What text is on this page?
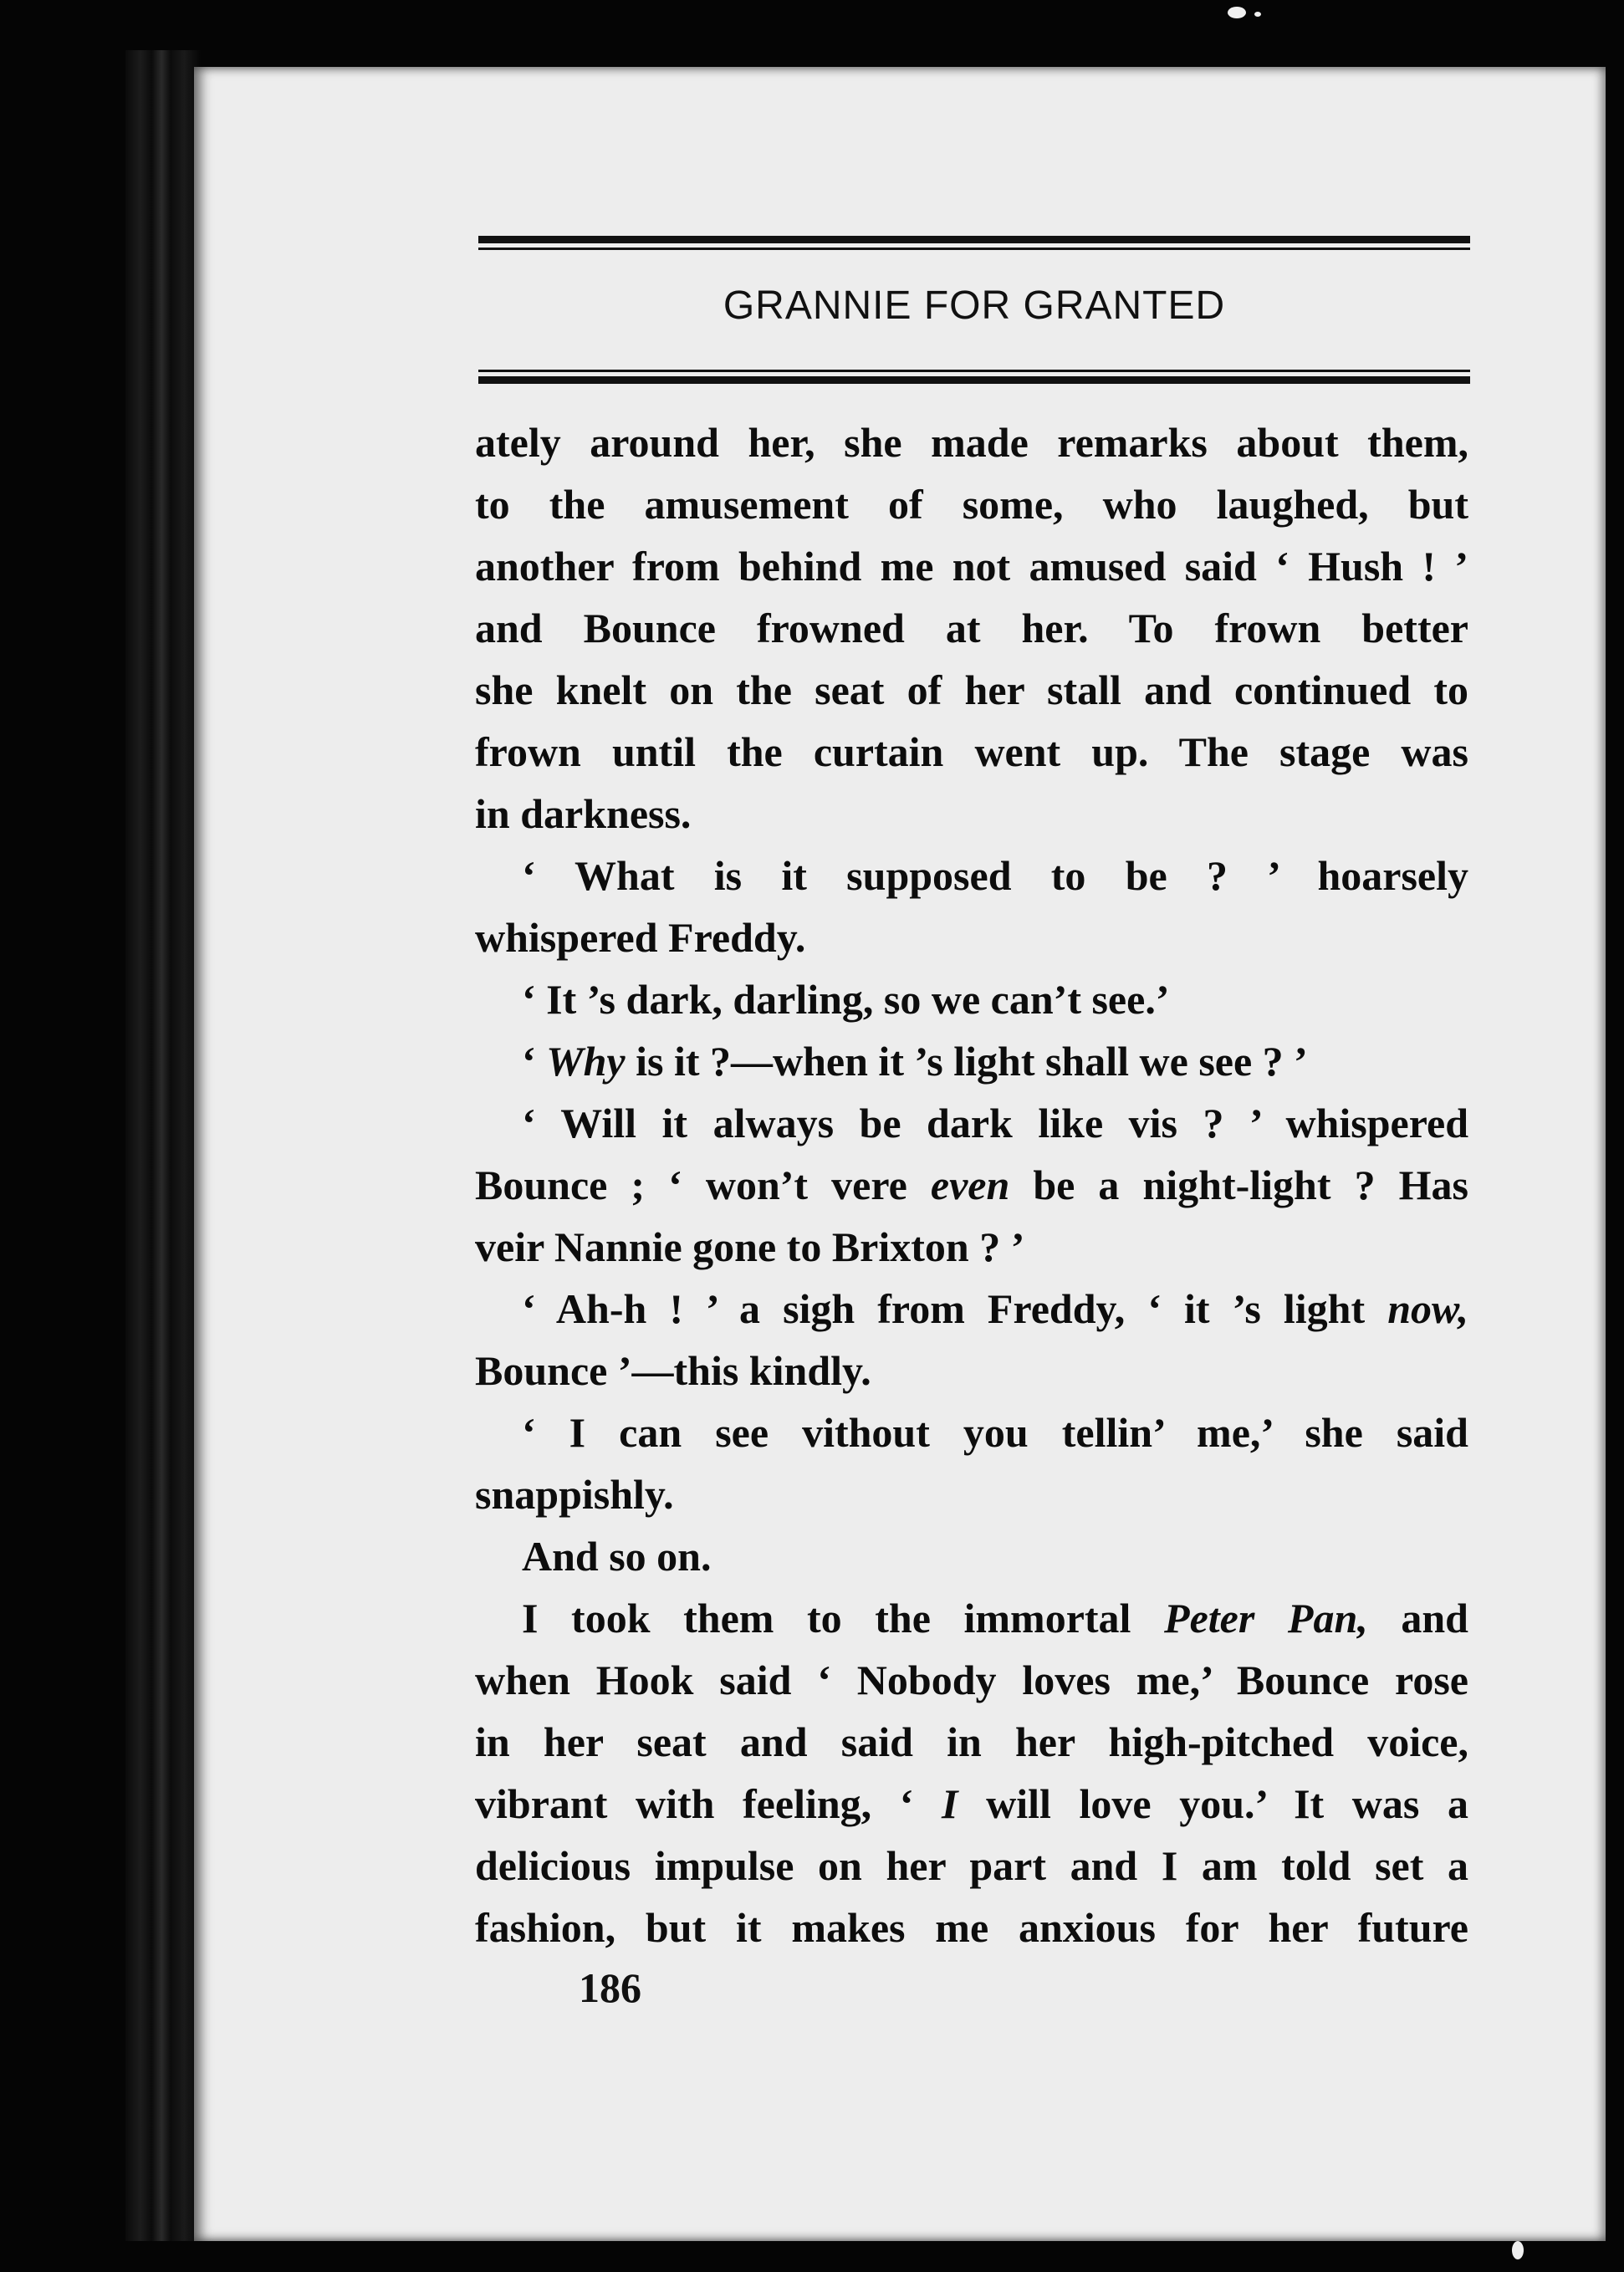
GRANNIE FOR GRANTED
ately around her, she made remarks about them,
to the amusement of some, who laughed, but
another from behind me not amused said ‘ Hush ! ’
and Bounce frowned at her. To frown better
she knelt on the seat of her stall and continued to
frown until the curtain went up. The stage was
in darkness.
‘ What is it supposed to be ? ’ hoarsely
whispered Freddy.
‘ It ’s dark, darling, so we can’t see.’
‘ Why is it ?—when it ’s light shall we see ? ’
‘ Will it always be dark like vis ? ’ whispered
Bounce ; ‘ won’t vere even be a night-light ? Has
veir Nannie gone to Brixton ? ’
‘ Ah-h ! ’ a sigh from Freddy, ‘ it ’s light now,
Bounce ’—this kindly.
‘ I can see vithout you tellin’ me,’ she said
snappishly.
And so on.
I took them to the immortal Peter Pan, and
when Hook said ‘ Nobody loves me,’ Bounce rose
in her seat and said in her high-pitched voice,
vibrant with feeling, ‘ I will love you.’ It was a
delicious impulse on her part and I am told set a
fashion, but it makes me anxious for her future
186
